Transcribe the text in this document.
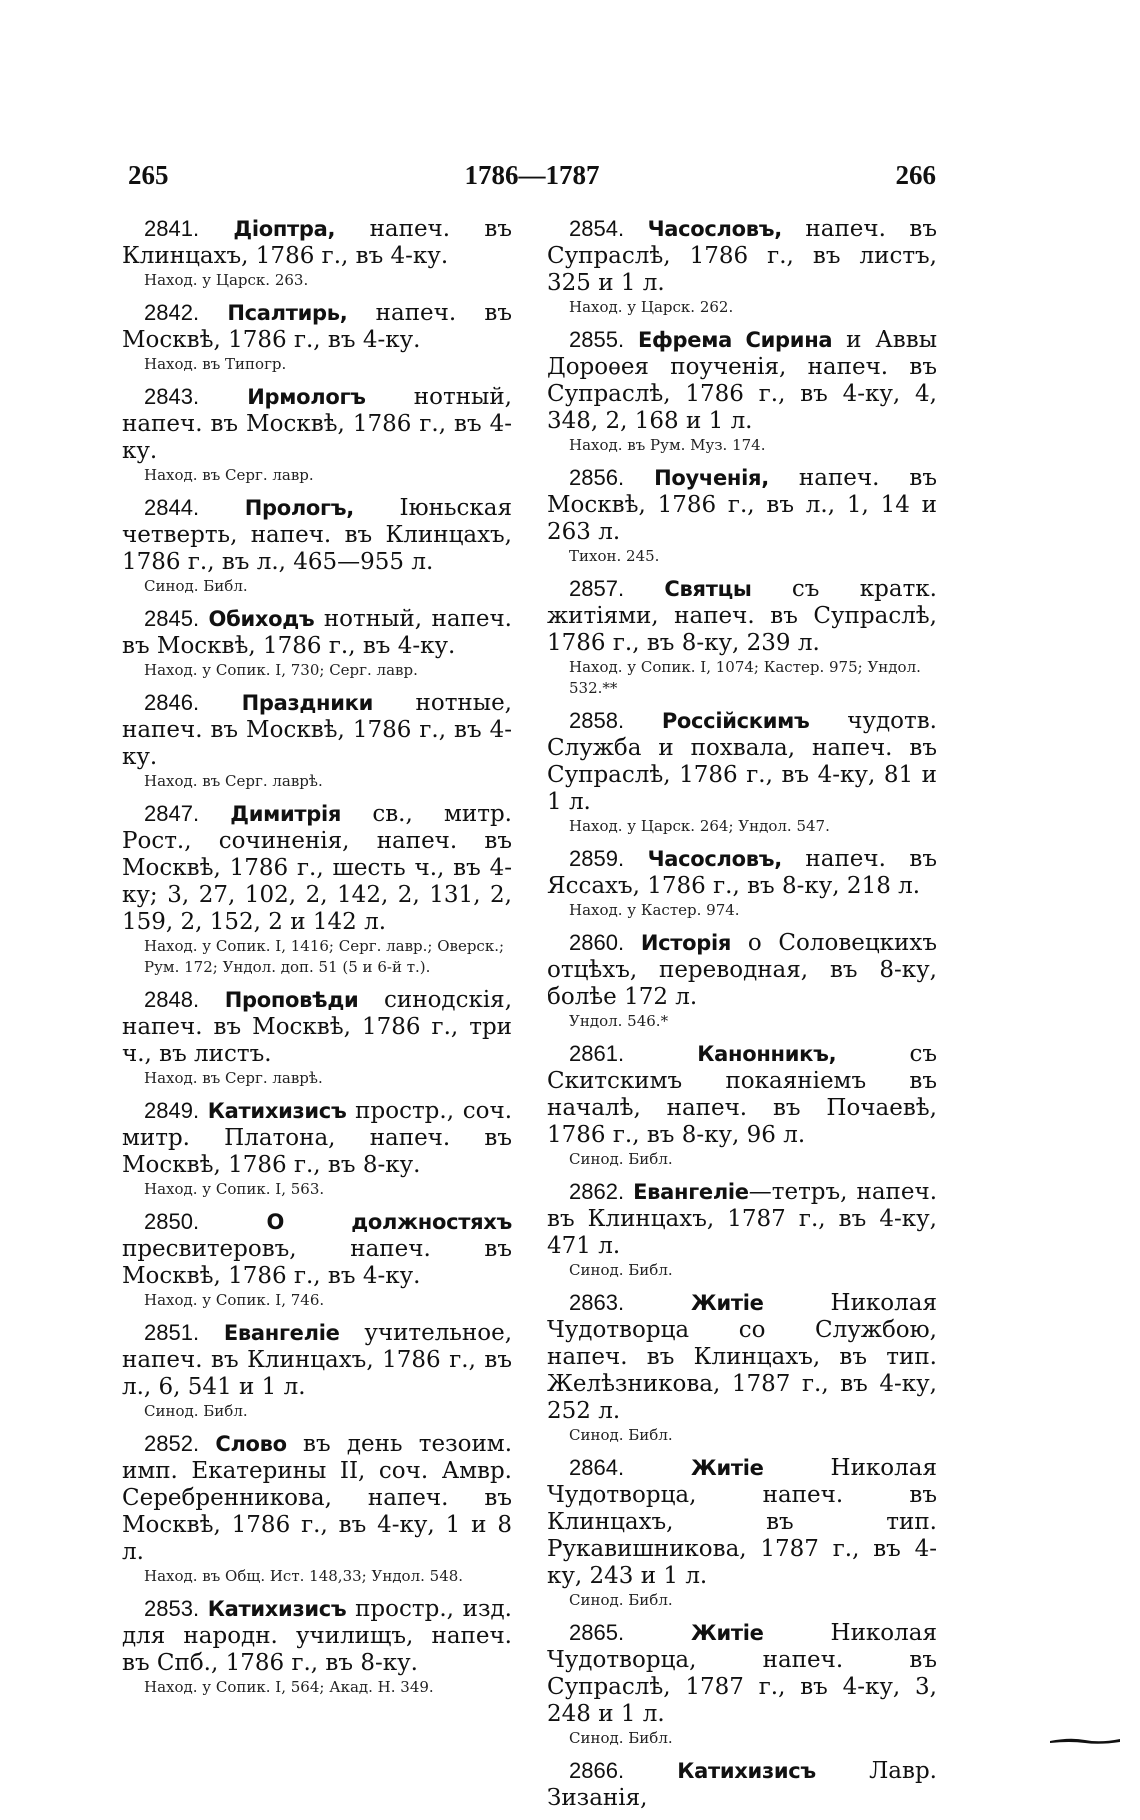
265	1786—1787	266

2841. Діоптра, напеч. въ Клинцахъ, 1786 г., въ 4-ку.

Наход. у Царск. 263.

2842. Псалтирь, напеч. въ Москвѣ, 1786 г., въ 4-ку.

Наход. въ Типогр.

2843. Ирмологъ нотный, напеч. въ Москвѣ, 1786 г., въ 4-ку.

Наход. въ Серг. лавр.

2844. Прологъ, Іюньская четверть, напеч. въ Клинцахъ, 1786 г., въ л., 465—955 л.

Синод. Библ.

2845. Обиходъ нотный, напеч. въ Москвѣ, 1786 г., въ 4-ку.

Наход. у Сопик. I, 730; Серг. лавр.

2846. Праздники нотные, напеч. въ Москвѣ, 1786 г., въ 4-ку.

Наход. въ Серг. лаврѣ.

2847. Димитрія св., митр. Рост., сочиненія, напеч. въ Москвѣ, 1786 г., шесть ч., въ 4-ку; 3, 27, 102, 2, 142, 2, 131, 2, 159, 2, 152, 2 и 142 л.

Наход. у Сопик. I, 1416; Серг. лавр.; Оверск.; Рум. 172; Ундол. доп. 51 (5 и 6-й т.).

2848. Проповѣди синодскія, напеч. въ Москвѣ, 1786 г., три ч., въ листъ.

Наход. въ Серг. лаврѣ.

2849. Катихизисъ простр., соч. митр. Платона, напеч. въ Москвѣ, 1786 г., въ 8-ку.

Наход. у Сопик. I, 563.

2850.	О должностяхъ пресвитеровъ, напеч. въ Москвѣ, 1786 г., въ 4-ку.

Наход. у Сопик. I, 746.

2851. Евангеліе учительное, напеч. въ Клинцахъ, 1786 г., въ л., 6, 541 и 1 л.

Синод. Библ.

2852. Слово въ день тезоим. имп. Екатерины II, соч. Амвр. Серебренникова, напеч. въ Москвѣ, 1786 г., въ 4-ку, 1 и 8 л.

Наход. въ Общ. Ист. 148,33; Ундол. 548.

2853. Катихизисъ простр., изд. для народн. училищъ, напеч. въ Спб., 1786 г., въ 8-ку.

Наход. у Сопик. I, 564; Акад. Н. 349.

2854. Часословъ, напеч. въ Супраслѣ, 1786 г., въ листъ, 325 и 1 л.

Наход. у Царск. 262.

2855. Ефрема Сирина и Аввы Дороѳея поученія, напеч. въ Супраслѣ, 1786 г., въ 4-ку, 4, 348, 2, 168 и 1 л.

Наход. въ Рум. Муз. 174.

2856. Поученія, напеч. въ Москвѣ, 1786 г., въ л., 1, 14 и 263 л.

Тихон. 245.

2857. Святцы съ кратк. житіями, напеч. въ Супраслѣ, 1786 г., въ 8-ку, 239 л.

Наход. у Сопик. I, 1074; Кастер. 975; Ундол. 532.**

2858. Россійскимъ чудотв. Служба и похвала, напеч. въ Супраслѣ, 1786 г., въ 4-ку, 81 и 1 л.

Наход. у Царск. 264; Ундол. 547.

2859. Часословъ, напеч. въ Яссахъ, 1786 г., въ 8-ку, 218 л.

Наход. у Кастер. 974.

2860. Исторія о Соловецкихъ отцѣхъ, переводная, въ 8-ку, болѣе 172 л.

Ундол. 546.*

2861.	Канонникъ, съ Скитскимъ покаяніемъ въ началѣ, напеч. въ Почаевѣ, 1786 г., въ 8-ку, 96 л.

Синод. Библ.

2862. Евангеліе—тетръ, напеч. въ Клинцахъ, 1787 г., въ 4-ку, 471 л.

Синод. Библ.

2863.	Житіе Николая Чудотворца со Службою, напеч. въ Клинцахъ, въ тип. Желѣзникова, 1787 г., въ 4-ку, 252 л.

Синод. Библ.

2864.	Житіе Николая Чудотворца, напеч. въ Клинцахъ, въ тип. Рукавишникова, 1787 г., въ 4-ку, 243 и 1 л.

Синод. Библ.

2865.	Житіе Николая Чудотворца, напеч. въ Супраслѣ, 1787 г., въ 4-ку, 3, 248 и 1 л.

Синод. Библ.

2866.	Катихизисъ Лавр. Зизанія,
